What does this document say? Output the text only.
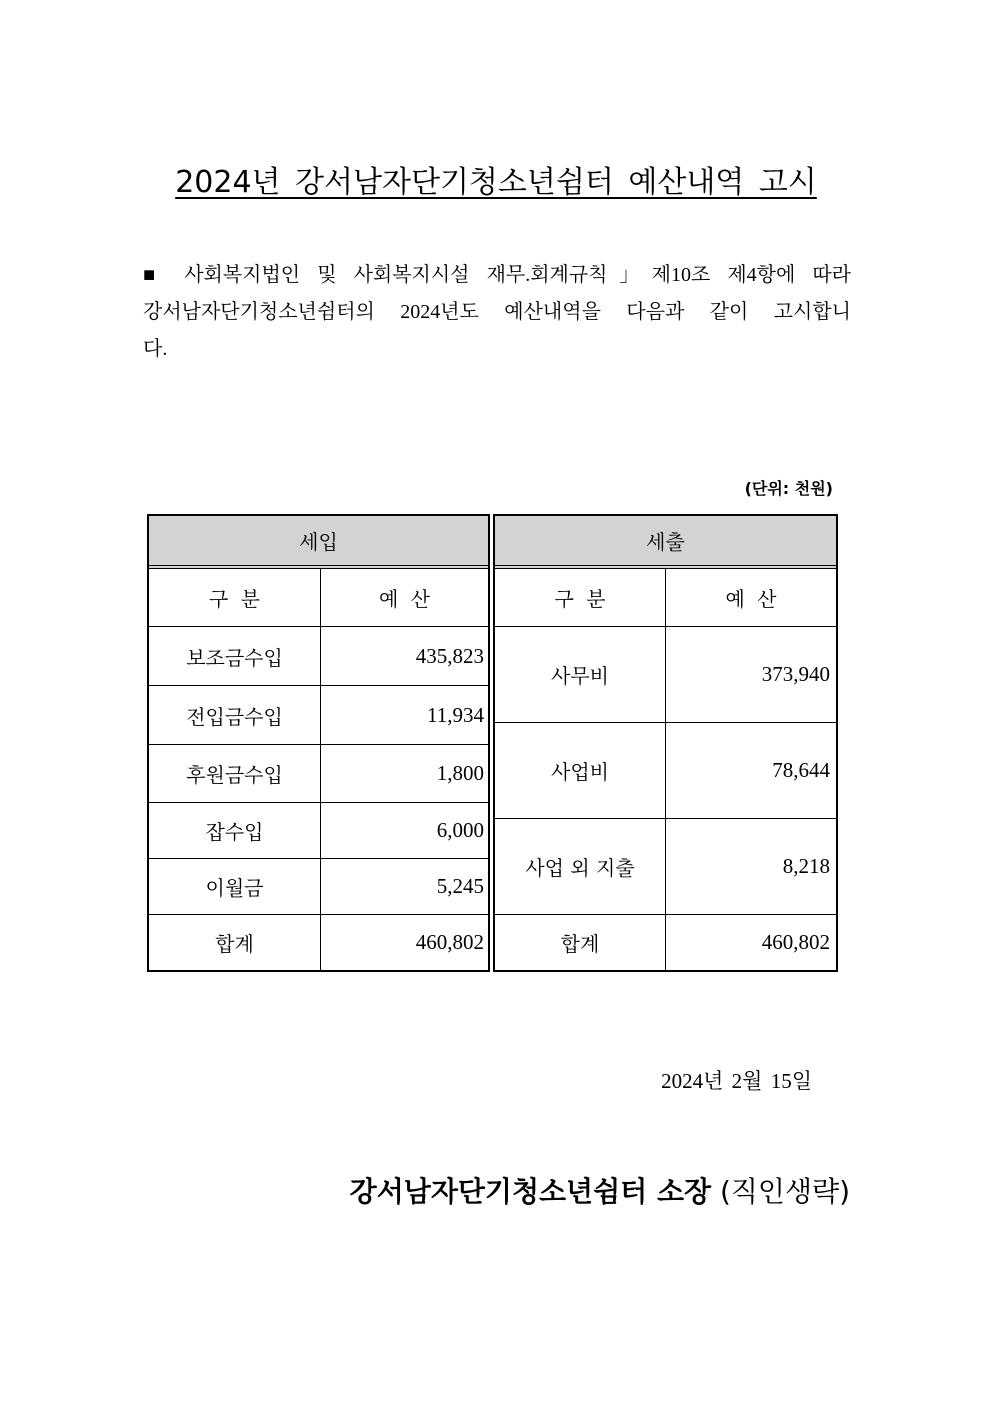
2024년 강서남자단기청소년쉼터 예산내역 고시
■ 사회복지법인 및 사회복지시설 재무.회계규칙」제10조 제4항에 따라
강서남자단기청소년쉼터의 2024년도 예산내역을 다음과 같이 고시합니
다.
(단위: 천원)
세입
구 분	예 산
보조금수입	435,823
전입금수입	11,934
후원금수입	1,800
잡수입	6,000
이월금	5,245
합계	460,802
세출
구 분	예 산
사무비	373,940
사업비	78,644
사업 외 지출	8,218
합계	460,802
2024년 2월 15일
강서남자단기청소년쉼터 소장 (직인생략)
